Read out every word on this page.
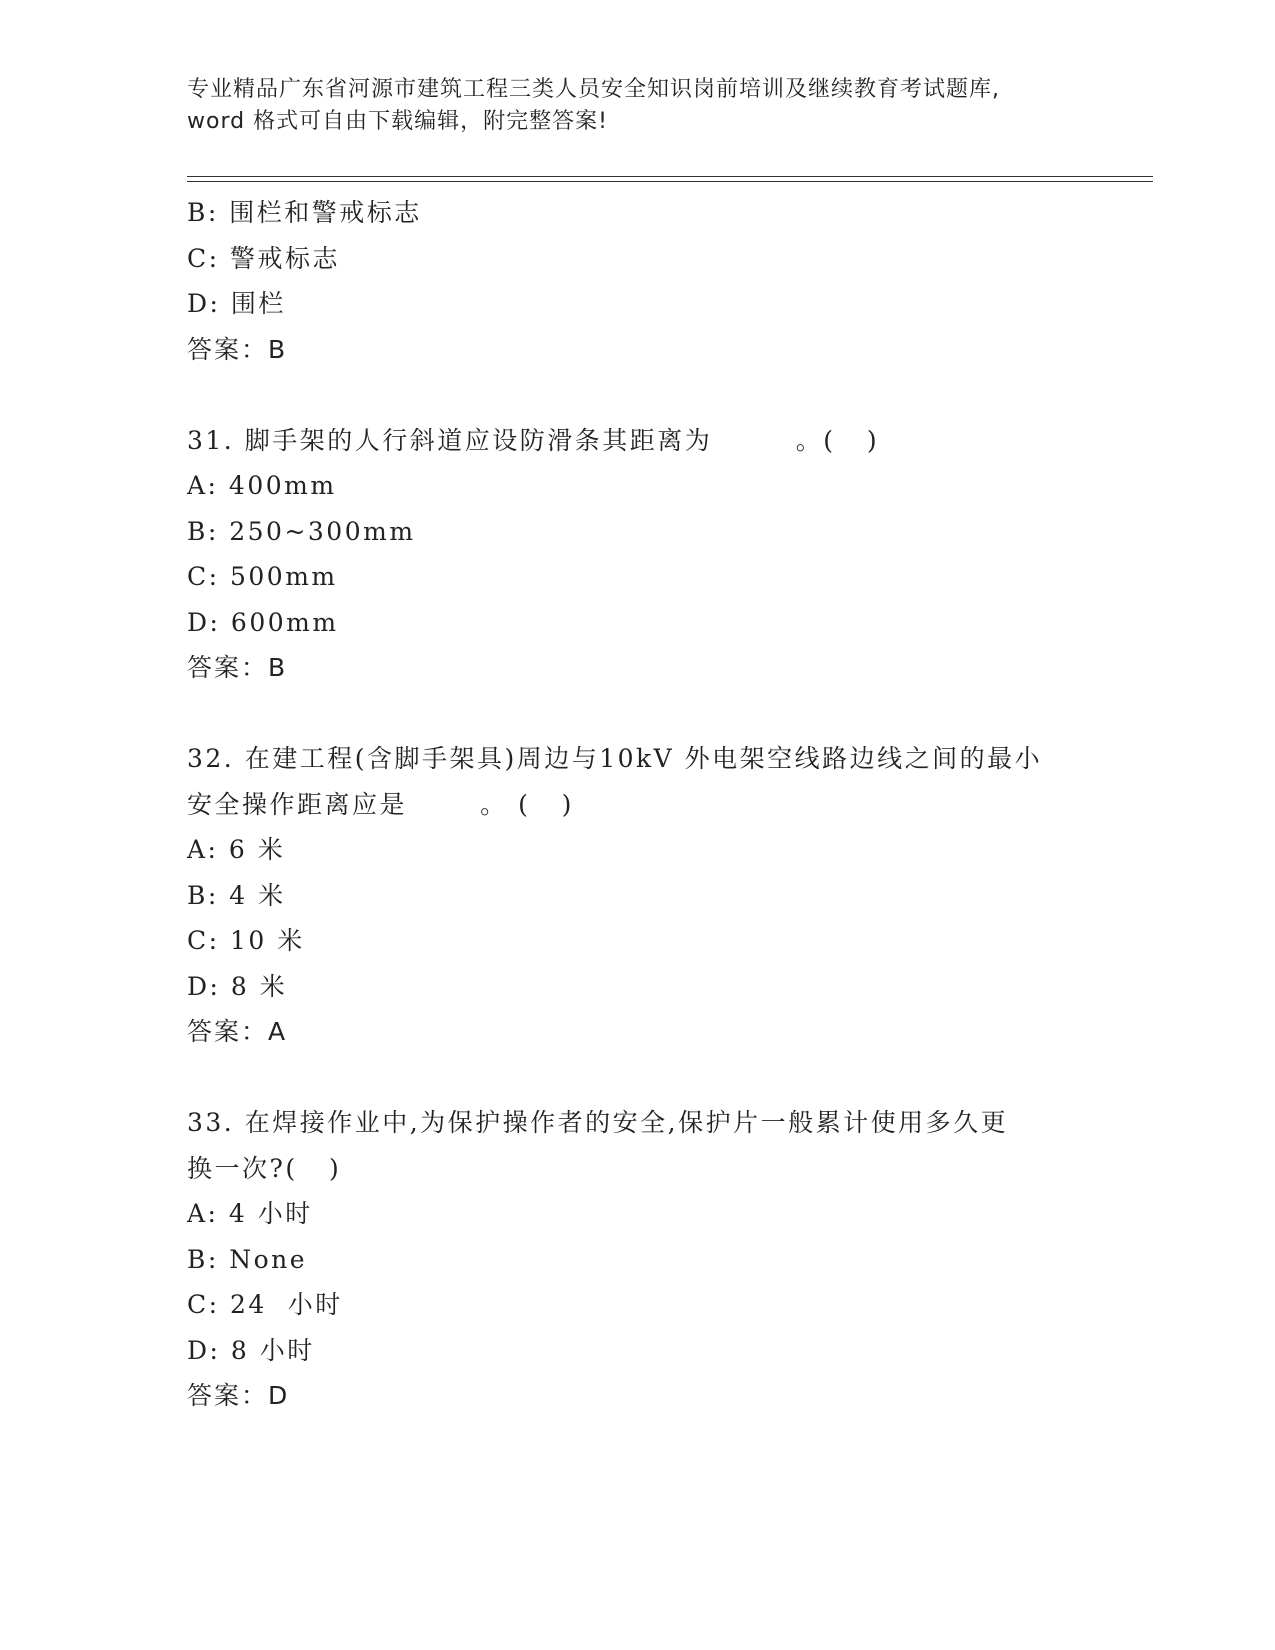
专业精品广东省河源市建筑工程三类人员安全知识岗前培训及继续教育考试题库,
word 格式可自由下载编辑，附完整答案!
B: 围栏和警戒标志
C: 警戒标志
D: 围栏
答案：B
31. 脚手架的人行斜道应设防滑条其距离为        。(   )
A: 400mm
B: 250~300mm
C: 500mm
D: 600mm
答案：B
32. 在建工程(含脚手架具)周边与10kV 外电架空线路边线之间的最小
安全操作距离应是       。 (   )
A: 6 米
B: 4 米
C: 10 米
D: 8 米
答案：A
33. 在焊接作业中,为保护操作者的安全,保护片一般累计使用多久更
换一次?(   )
A: 4 小时
B: None
C: 24  小时
D: 8 小时
答案：D
